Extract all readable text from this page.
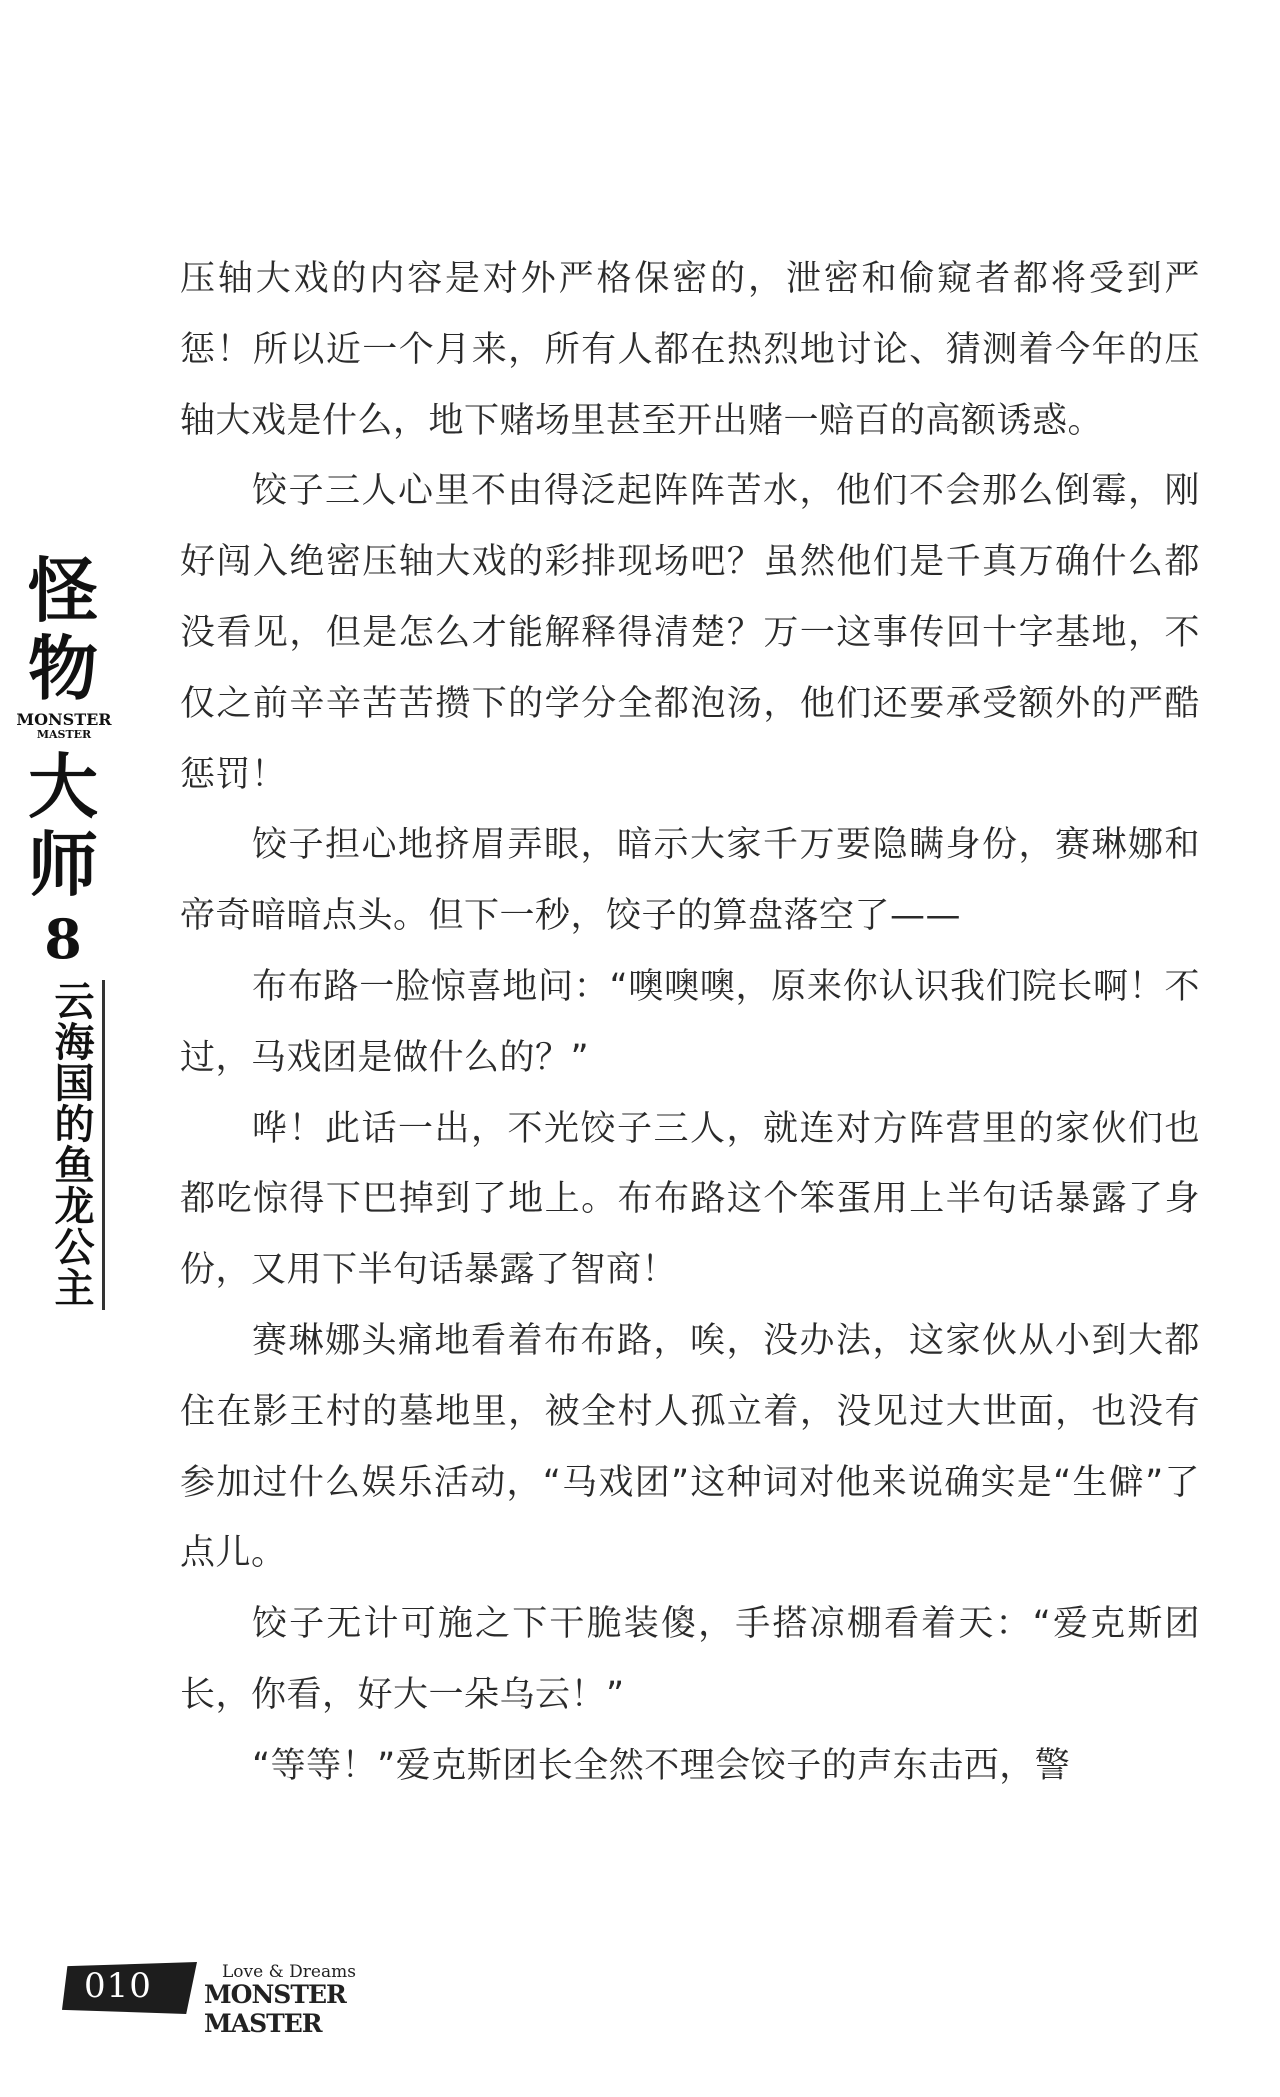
怪物
MONSTER
MASTER
大师
8
云海国的鱼龙公主

压轴大戏的内容是对外严格保密的，泄密和偷窥者都将受到严惩！所以近一个月来，所有人都在热烈地讨论、猜测着今年的压轴大戏是什么，地下赌场里甚至开出赌一赔百的高额诱惑。

饺子三人心里不由得泛起阵阵苦水，他们不会那么倒霉，刚好闯入绝密压轴大戏的彩排现场吧？虽然他们是千真万确什么都没看见，但是怎么才能解释得清楚？万一这事传回十字基地，不仅之前辛辛苦苦攒下的学分全都泡汤，他们还要承受额外的严酷惩罚！

饺子担心地挤眉弄眼，暗示大家千万要隐瞒身份，赛琳娜和帝奇暗暗点头。但下一秒，饺子的算盘落空了——

布布路一脸惊喜地问：“噢噢噢，原来你认识我们院长啊！不过，马戏团是做什么的？”

哗！此话一出，不光饺子三人，就连对方阵营里的家伙们也都吃惊得下巴掉到了地上。布布路这个笨蛋用上半句话暴露了身份，又用下半句话暴露了智商！

赛琳娜头痛地看着布布路，唉，没办法，这家伙从小到大都住在影王村的墓地里，被全村人孤立着，没见过大世面，也没有参加过什么娱乐活动，“马戏团”这种词对他来说确实是“生僻”了点儿。

饺子无计可施之下干脆装傻，手搭凉棚看着天：“爱克斯团长，你看，好大一朵乌云！”

“等等！”爱克斯团长全然不理会饺子的声东击西，警

010	Love & Dreams
MONSTER MASTER
